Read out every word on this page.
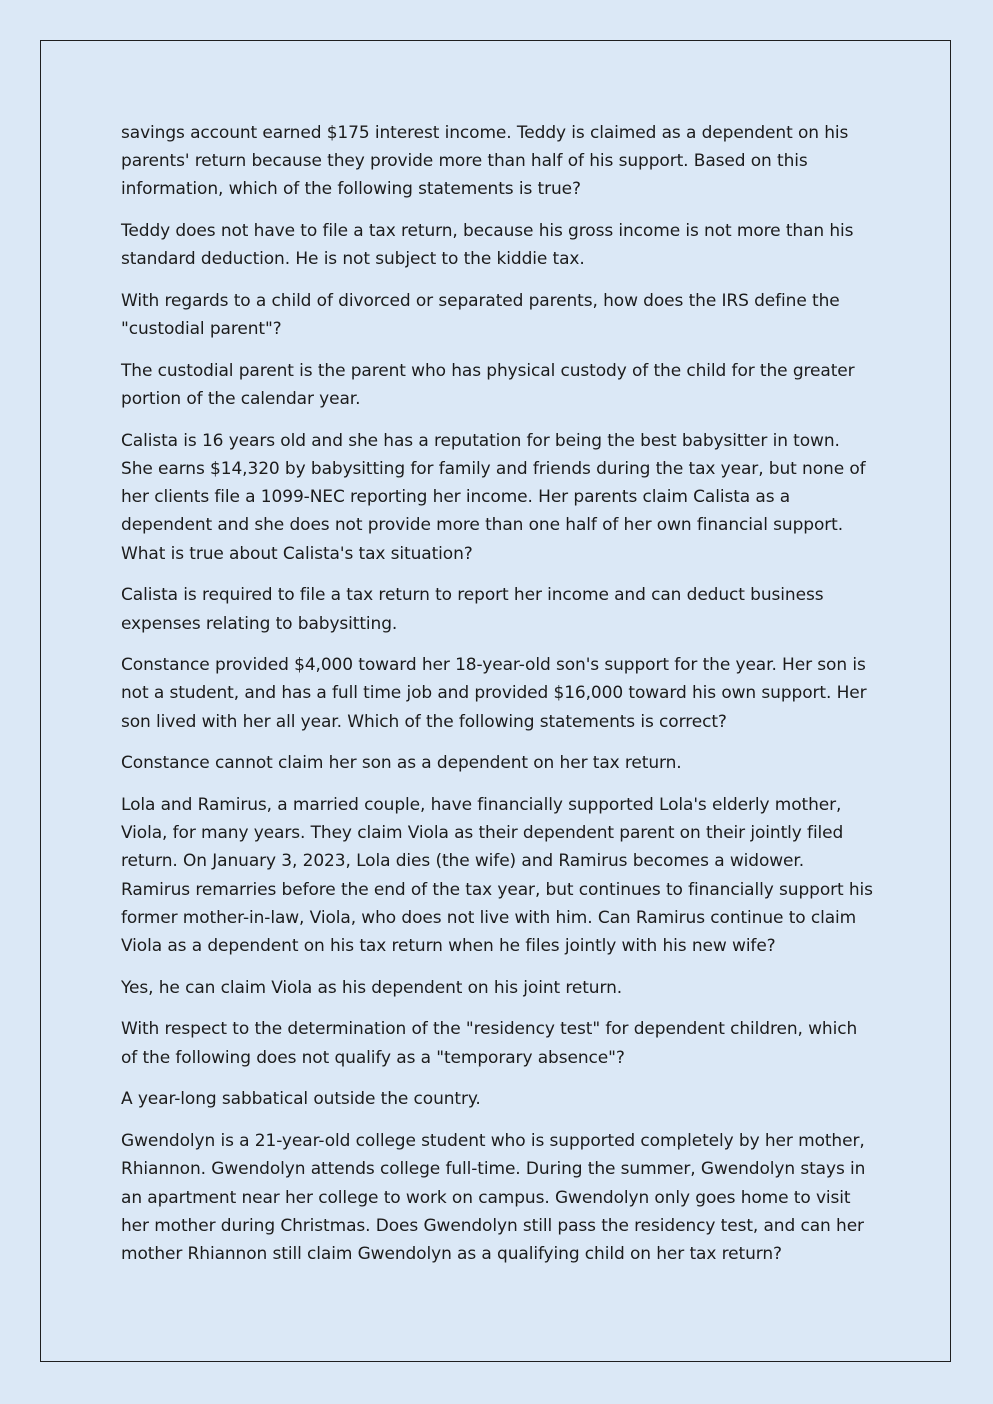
savings account earned $175 interest income. Teddy is claimed as a dependent on his parents' return because they provide more than half of his support. Based on this information, which of the following statements is true?

Teddy does not have to file a tax return, because his gross income is not more than his standard deduction. He is not subject to the kiddie tax.

With regards to a child of divorced or separated parents, how does the IRS define the "custodial parent"?

The custodial parent is the parent who has physical custody of the child for the greater portion of the calendar year.

Calista is 16 years old and she has a reputation for being the best babysitter in town. She earns $14,320 by babysitting for family and friends during the tax year, but none of her clients file a 1099-NEC reporting her income. Her parents claim Calista as a dependent and she does not provide more than one half of her own financial support. What is true about Calista's tax situation?

Calista is required to file a tax return to report her income and can deduct business expenses relating to babysitting.

Constance provided $4,000 toward her 18-year-old son's support for the year. Her son is not a student, and has a full time job and provided $16,000 toward his own support. Her son lived with her all year. Which of the following statements is correct?

Constance cannot claim her son as a dependent on her tax return.

Lola and Ramirus, a married couple, have financially supported Lola's elderly mother, Viola, for many years. They claim Viola as their dependent parent on their jointly filed return. On January 3, 2023, Lola dies (the wife) and Ramirus becomes a widower. Ramirus remarries before the end of the tax year, but continues to financially support his former mother-in-law, Viola, who does not live with him. Can Ramirus continue to claim Viola as a dependent on his tax return when he files jointly with his new wife?

Yes, he can claim Viola as his dependent on his joint return.

With respect to the determination of the "residency test" for dependent children, which of the following does not qualify as a "temporary absence"?

A year-long sabbatical outside the country.

Gwendolyn is a 21-year-old college student who is supported completely by her mother, Rhiannon. Gwendolyn attends college full-time. During the summer, Gwendolyn stays in an apartment near her college to work on campus. Gwendolyn only goes home to visit her mother during Christmas. Does Gwendolyn still pass the residency test, and can her mother Rhiannon still claim Gwendolyn as a qualifying child on her tax return?
